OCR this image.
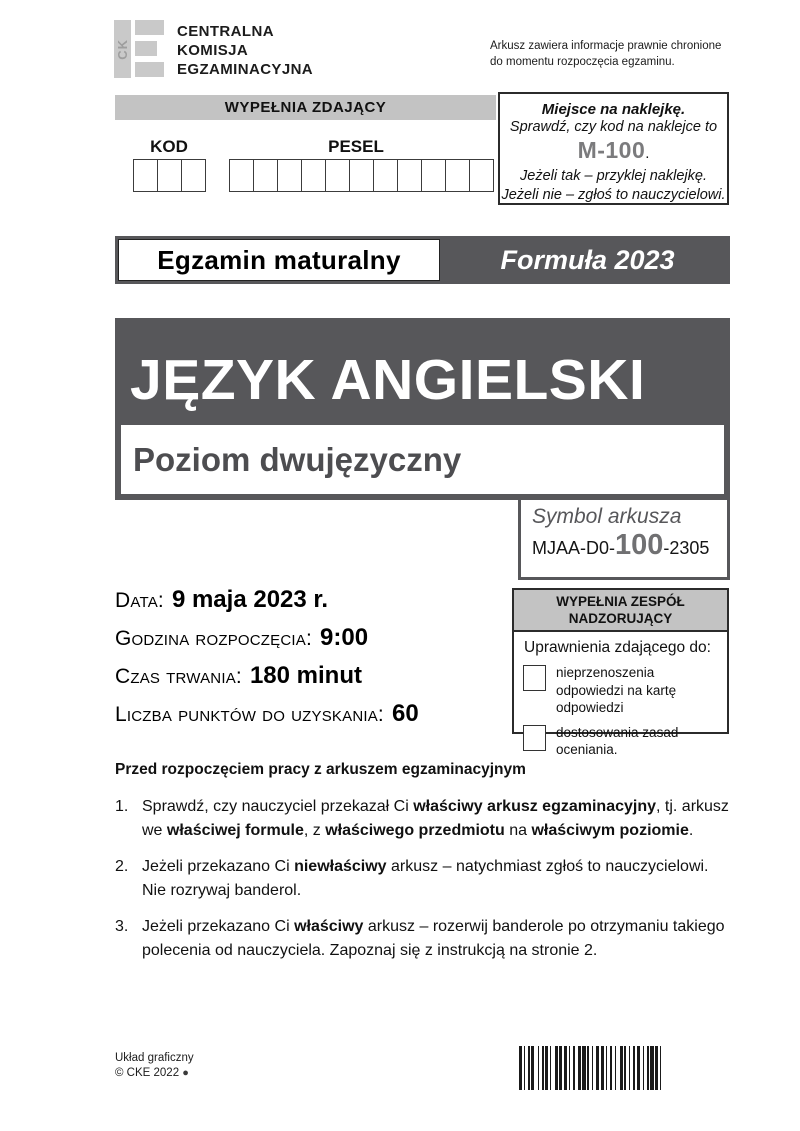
CK
CENTRALNA
KOMISJA
EGZAMINACYJNA
Arkusz zawiera informacje prawnie chronione
do momentu rozpoczęcia egzaminu.
WYPEŁNIA ZDAJĄCY
KOD	PESEL
Miejsce na naklejkę.
Sprawdź, czy kod na naklejce to
M-100.
Jeżeli tak – przyklej naklejkę.
Jeżeli nie – zgłoś to nauczycielowi.
Egzamin maturalny	Formuła 2023
JĘZYK ANGIELSKI
Poziom dwujęzyczny
Symbol arkusza
MJAA-D0-100-2305
Data: 9 maja 2023 r.
Godzina rozpoczęcia: 9:00
Czas trwania: 180 minut
Liczba punktów do uzyskania: 60
WYPEŁNIA ZESPÓŁ
NADZORUJĄCY
Uprawnienia zdającego do:
nieprzenoszenia odpowiedzi na kartę odpowiedzi
dostosowania zasad oceniania.
Przed rozpoczęciem pracy z arkuszem egzaminacyjnym
1. Sprawdź, czy nauczyciel przekazał Ci właściwy arkusz egzaminacyjny, tj. arkusz we właściwej formule, z właściwego przedmiotu na właściwym poziomie.
2. Jeżeli przekazano Ci niewłaściwy arkusz – natychmiast zgłoś to nauczycielowi. Nie rozrywaj banderol.
3. Jeżeli przekazano Ci właściwy arkusz – rozerwij banderole po otrzymaniu takiego polecenia od nauczyciela. Zapoznaj się z instrukcją na stronie 2.
Układ graficzny
© CKE 2022 ●
